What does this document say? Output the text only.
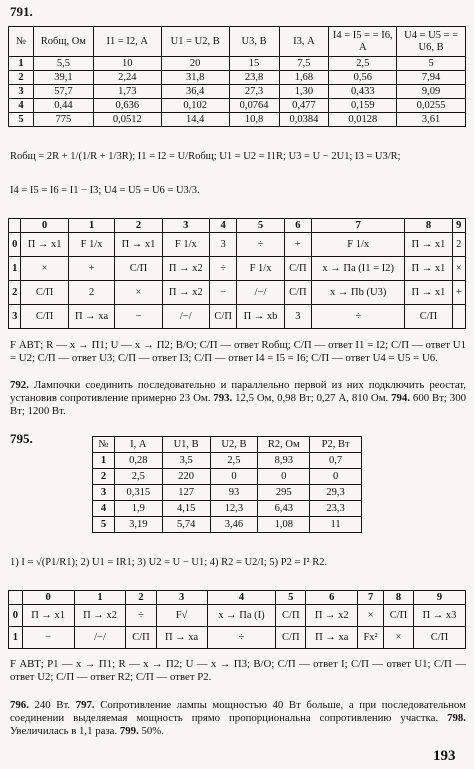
791.
№	Rобщ, Ом	I1 = I2, А	U1 = U2, В	U3, В	I3, А	I4 = I5 = = I6, А	U4 = U5 = = U6, В
1	5,5	10	20	15	7,5	2,5	5
2	39,1	2,24	31,8	23,8	1,68	0,56	7,94
3	57,7	1,73	36,4	27,3	1,30	0,433	9,09
4	0,44	0,636	0,102	0,0764	0,477	0,159	0,0255
5	775	0,0512	14,4	10,8	0,0384	0,0128	3,61
Rобщ = 2R + 1/(1/R + 1/3R); I1 = I2 = U/Rобщ; U1 = U2 = I1R; U3 = U − 2U1; I3 = U3/R;
I4 = I5 = I6 = I1 − I3; U4 = U5 = U6 = U3/3.
	0	1	2	3	4	5	6	7	8	9
0	П → x1	F 1/x	П → x1	F 1/x	3	÷	+	F 1/x	П → x1	2
1	×	+	С/П	П → x2	÷	F 1/x	С/П	x → Па (I1 = I2)	П → x1	×
2	С/П	2	×	П → x2	−	/−/	С/П	x → Пb (U3)	П → x1	+
3	С/П	П → xa	−	/−/	С/П	П → xb	3	÷	С/П	
F АВТ; R — x → П1; U — x → П2; В/О; С/П — ответ Rобщ; С/П — ответ I1 = I2; С/П — ответ U1 = U2; С/П — ответ U3; С/П — ответ I3; С/П — ответ I4 = I5 = I6; С/П — ответ U4 = U5 = U6.
792. Лампочки соединить последовательно и параллельно первой из них подключить реостат, установив сопротивление примерно 23 Ом. 793. 12,5 Ом, 0,98 Вт; 0,27 А, 810 Ом. 794. 600 Вт; 300 Вт; 1200 Вт.
795.	№	I, А	U1, В	U2, В	R2, Ом	P2, Вт
1	0,28	3,5	2,5	8,93	0,7
2	2,5	220	0	0	0
3	0,315	127	93	295	29,3
4	1,9	4,15	12,3	6,43	23,3
5	3,19	5,74	3,46	1,08	11
1) I = √(P1/R1); 2) U1 = IR1; 3) U2 = U − U1; 4) R2 = U2/I; 5) P2 = I² R2.
	0	1	2	3	4	5	6	7	8	9
0	П → x1	П → x2	÷	F√	x → Па (I)	С/П	П → x2	×	С/П	П → x3
1	−	/−/	С/П	П → xa	÷	С/П	П → xa	Fx²	×	С/П
F АВТ; P1 — x → П1; R — x → П2; U — x → П3; В/О; С/П — ответ I; С/П — ответ U1; С/П — ответ U2; С/П — ответ R2; С/П — ответ P2.
796. 240 Вт. 797. Сопротивление лампы мощностью 40 Вт больше, а при последовательном соединении выделяемая мощность прямо пропорциональна сопротивлению участка. 798. Увеличилась в 1,1 раза. 799. 50%.
193
